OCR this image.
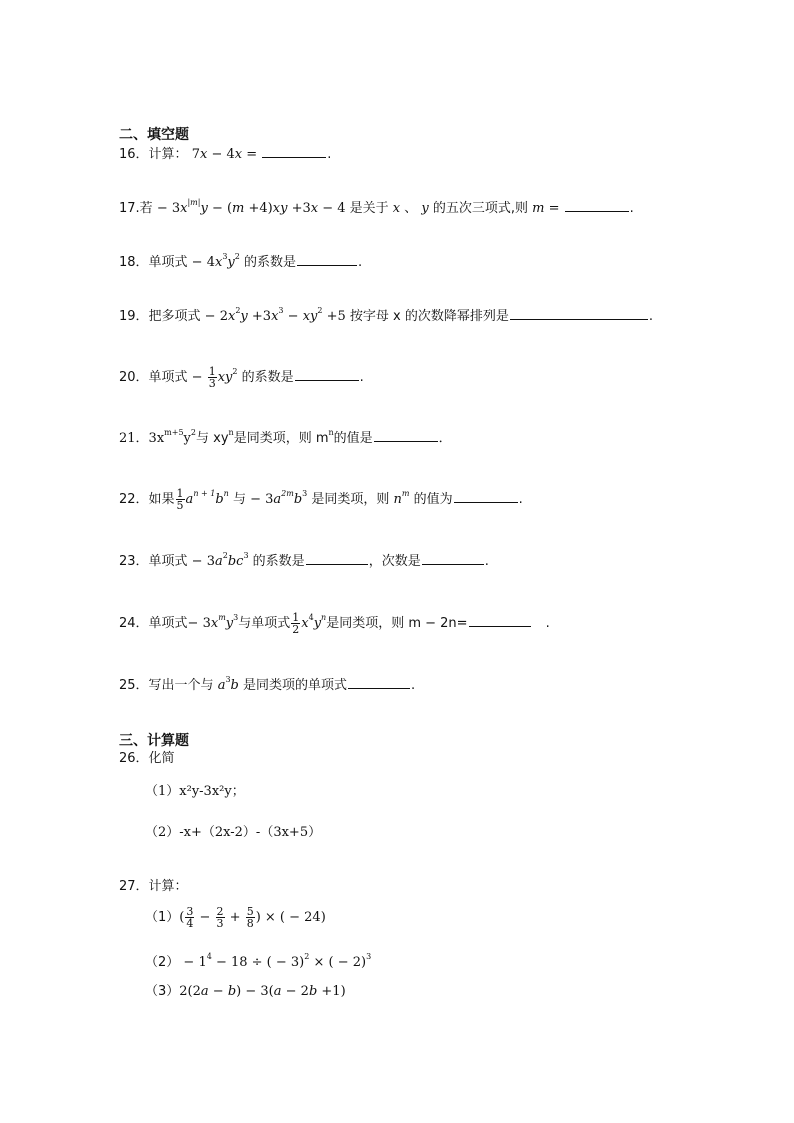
二、填空题
16．计算： 7x − 4x =	.
17.若 − $3x^{|m|}y - (m +4)xy +3x - 4$ 是关于 x 、 y 的五次三项式,则 m =	.
18．单项式 − $4x^3y^2$ 的系数是	.
19．把多项式 − $2x^2y +3x^3 - xy^2 +5$ 按字母 x 的次数降幂排列是	.
20．单项式 − $\frac{1}{3} xy^2$ 的系数是	.
21．$3x^{m+5}y^2$与 $xy^n$是同类项，则 $m^n$的值是	．
22．如果 $\frac{1}{5} a^{n + 1}b^n$ 与 − $3a^{2m}b^3$ 是同类项，则 $n^m$ 的值为	.
23．单项式 − $3a^2bc^3$ 的系数是	，次数是	.
24．单项式− $3x^my^3$与单项式 $\frac{1}{2} x^4y^n$是同类项，则 m − 2n=	.
25．写出一个与 $a^3b$ 是同类项的单项式	.
三、计算题
26．化简
（1）x²y-3x²y；
（2）-x+（2x-2）-（3x+5）
27．计算：
$(1)( \frac{3}{4} - \frac{2}{3} + \frac{5}{8}$ ) × ( − 24)
$(2) - 1^4 - 18$ ÷ ( − 3)$^2$ × ( − 2)$^3$
（3）2(2a − b) − 3(a − 2b +1)
